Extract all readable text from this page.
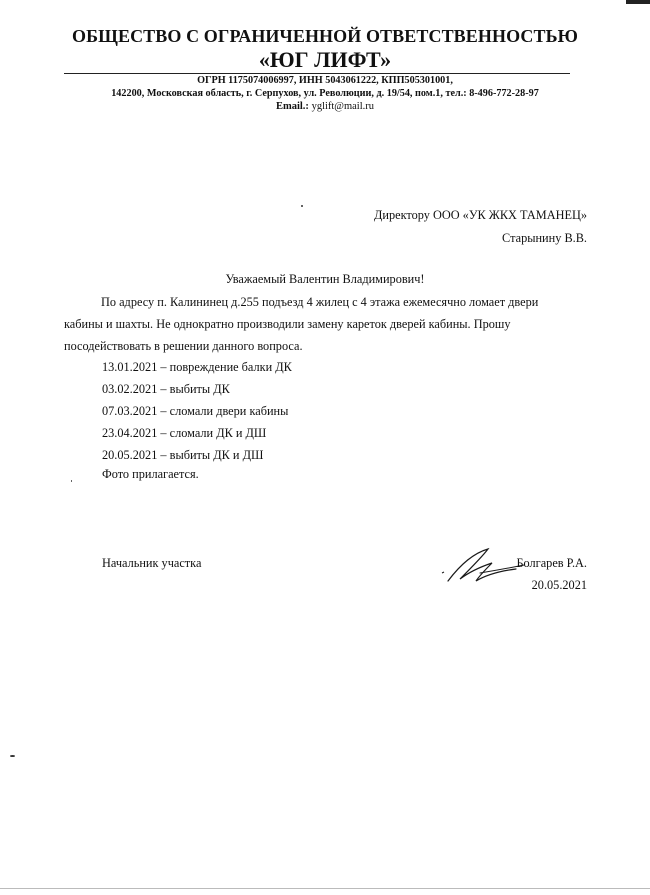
ОБЩЕСТВО С ОГРАНИЧЕННОЙ ОТВЕТСТВЕННОСТЬЮ
«ЮГ ЛИФТ»
ОГРН 1175074006997, ИНН 5043061222, КПП505301001,
142200, Московская область, г. Серпухов, ул. Революции, д. 19/54, пом.1, тел.: 8-496-772-28-97
Email.: yglift@mail.ru
Директору ООО «УК ЖКХ ТАМАНЕЦ»
Старынину В.В.
Уважаемый Валентин Владимирович!
По адресу п. Калининец д.255 подъезд 4 жилец с 4 этажа ежемесячно ломает двери кабины и шахты. Не однократно производили замену кареток дверей кабины. Прошу посодействовать в решении данного вопроса.
13.01.2021 – повреждение балки ДК
03.02.2021 – выбиты ДК
07.03.2021 – сломали двери кабины
23.04.2021 – сломали ДК и ДШ
20.05.2021 – выбиты ДК и ДШ
Фото прилагается.
Начальник участка	Болгарев Р.А.
20.05.2021
